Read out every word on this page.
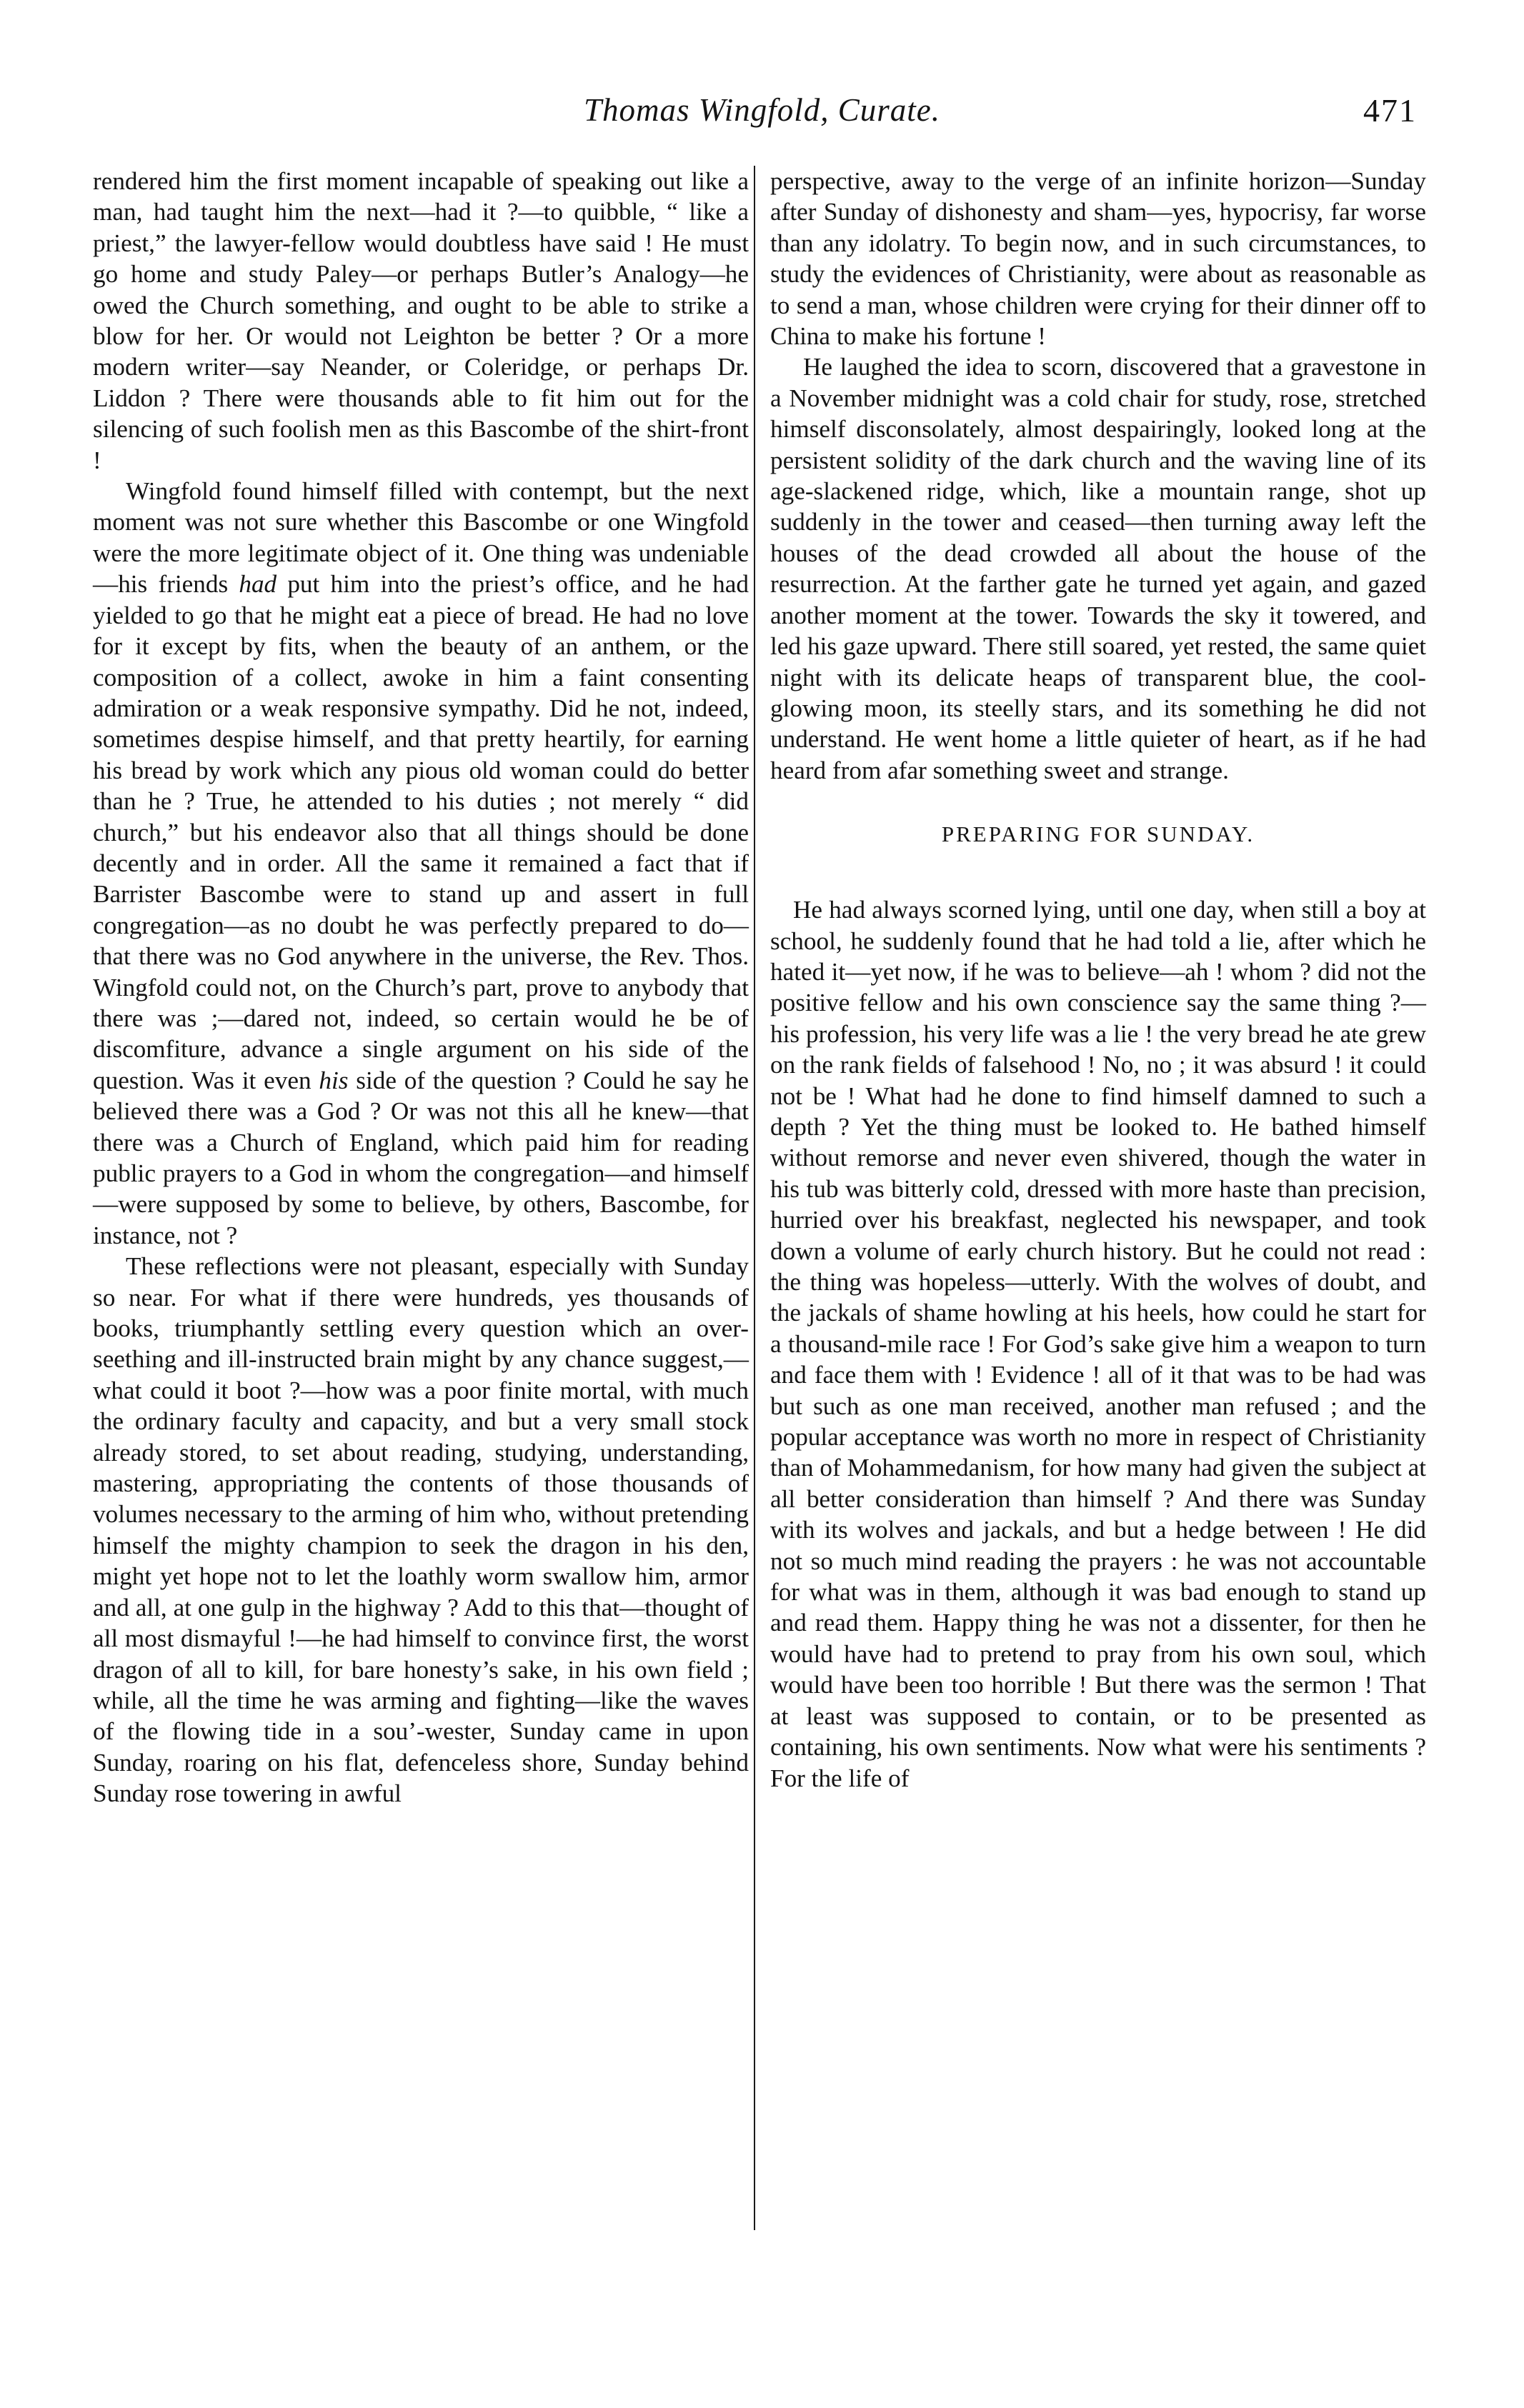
Thomas Wingfold, Curate.	471

rendered him the first moment incapable of speaking out like a man, had taught him the next—had it ?—to quibble, “ like a priest,” the lawyer-fellow would doubtless have said ! He must go home and study Paley—or perhaps Butler’s Analogy—he owed the Church something, and ought to be able to strike a blow for her. Or would not Leighton be better ? Or a more modern writer—say Neander, or Coleridge, or perhaps Dr. Liddon ? There were thousands able to fit him out for the silencing of such foolish men as this Bascombe of the shirt-front !

Wingfold found himself filled with contempt, but the next moment was not sure whether this Bascombe or one Wingfold were the more legitimate object of it. One thing was undeniable—his friends had put him into the priest’s office, and he had yielded to go that he might eat a piece of bread. He had no love for it except by fits, when the beauty of an anthem, or the composition of a collect, awoke in him a faint consenting admiration or a weak responsive sympathy. Did he not, indeed, sometimes despise himself, and that pretty heartily, for earning his bread by work which any pious old woman could do better than he ? True, he attended to his duties ; not merely “ did church,” but his endeavor also that all things should be done decently and in order. All the same it remained a fact that if Barrister Bascombe were to stand up and assert in full congregation—as no doubt he was perfectly prepared to do—that there was no God anywhere in the universe, the Rev. Thos. Wingfold could not, on the Church’s part, prove to anybody that there was ;—dared not, indeed, so certain would he be of discomfiture, advance a single argument on his side of the question. Was it even his side of the question ? Could he say he believed there was a God ? Or was not this all he knew—that there was a Church of England, which paid him for reading public prayers to a God in whom the congregation—and himself—were supposed by some to believe, by others, Bascombe, for instance, not ?

These reflections were not pleasant, especially with Sunday so near. For what if there were hundreds, yes thousands of books, triumphantly settling every question which an over-seething and ill-instructed brain might by any chance suggest,—what could it boot ?—how was a poor finite mortal, with much the ordinary faculty and capacity, and but a very small stock already stored, to set about reading, studying, understanding, mastering, appropriating the contents of those thousands of volumes necessary to the arming of him who, without pretending himself the mighty champion to seek the dragon in his den, might yet hope not to let the loathly worm swallow him, armor and all, at one gulp in the highway ? Add to this that—thought of all most dismayful !—he had himself to convince first, the worst dragon of all to kill, for bare honesty’s sake, in his own field ; while, all the time he was arming and fighting—like the waves of the flowing tide in a sou’-wester, Sunday came in upon Sunday, roaring on his flat, defenceless shore, Sunday behind Sunday rose towering in awful

perspective, away to the verge of an infinite horizon—Sunday after Sunday of dishonesty and sham—yes, hypocrisy, far worse than any idolatry. To begin now, and in such circumstances, to study the evidences of Christianity, were about as reasonable as to send a man, whose children were crying for their dinner off to China to make his fortune !

He laughed the idea to scorn, discovered that a gravestone in a November midnight was a cold chair for study, rose, stretched himself disconsolately, almost despairingly, looked long at the persistent solidity of the dark church and the waving line of its age-slackened ridge, which, like a mountain range, shot up suddenly in the tower and ceased—then turning away left the houses of the dead crowded all about the house of the resurrection. At the farther gate he turned yet again, and gazed another moment at the tower. Towards the sky it towered, and led his gaze upward. There still soared, yet rested, the same quiet night with its delicate heaps of transparent blue, the cool-glowing moon, its steelly stars, and its something he did not understand. He went home a little quieter of heart, as if he had heard from afar something sweet and strange.

PREPARING FOR SUNDAY.

He had always scorned lying, until one day, when still a boy at school, he suddenly found that he had told a lie, after which he hated it—yet now, if he was to believe—ah ! whom ? did not the positive fellow and his own conscience say the same thing ?—his profession, his very life was a lie ! the very bread he ate grew on the rank fields of falsehood ! No, no ; it was absurd ! it could not be ! What had he done to find himself damned to such a depth ? Yet the thing must be looked to. He bathed himself without remorse and never even shivered, though the water in his tub was bitterly cold, dressed with more haste than precision, hurried over his breakfast, neglected his newspaper, and took down a volume of early church history. But he could not read : the thing was hopeless—utterly. With the wolves of doubt, and the jackals of shame howling at his heels, how could he start for a thousand-mile race ! For God’s sake give him a weapon to turn and face them with ! Evidence ! all of it that was to be had was but such as one man received, another man refused ; and the popular acceptance was worth no more in respect of Christianity than of Mohammedanism, for how many had given the subject at all better consideration than himself ? And there was Sunday with its wolves and jackals, and but a hedge between ! He did not so much mind reading the prayers : he was not accountable for what was in them, although it was bad enough to stand up and read them. Happy thing he was not a dissenter, for then he would have had to pretend to pray from his own soul, which would have been too horrible ! But there was the sermon ! That at least was supposed to contain, or to be presented as containing, his own sentiments. Now what were his sentiments ? For the life of
